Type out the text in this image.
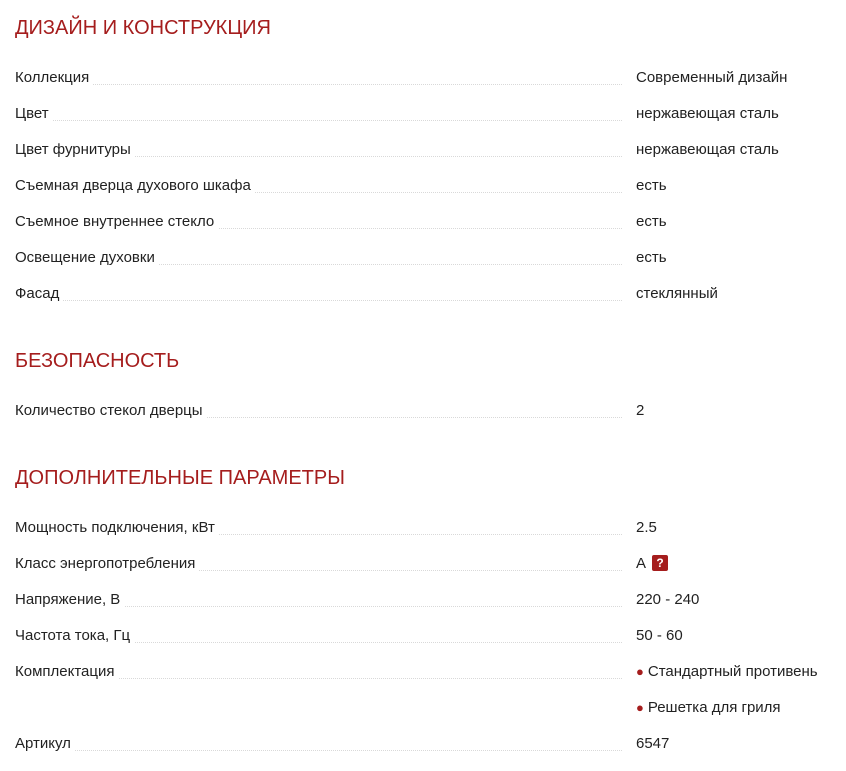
ДИЗАЙН И КОНСТРУКЦИЯ
Коллекция	Современный дизайн
Цвет	нержавеющая сталь
Цвет фурнитуры	нержавеющая сталь
Съемная дверца духового шкафа	есть
Съемное внутреннее стекло	есть
Освещение духовки	есть
Фасад	стеклянный
БЕЗОПАСНОСТЬ
Количество стекол дверцы	2
ДОПОЛНИТЕЛЬНЫЕ ПАРАМЕТРЫ
Мощность подключения, кВт	2.5
Класс энергопотребления	A ?
Напряжение, В	220 - 240
Частота тока, Гц	50 - 60
Комплектация	● Стандартный противень
● Решетка для гриля
Артикул	6547
